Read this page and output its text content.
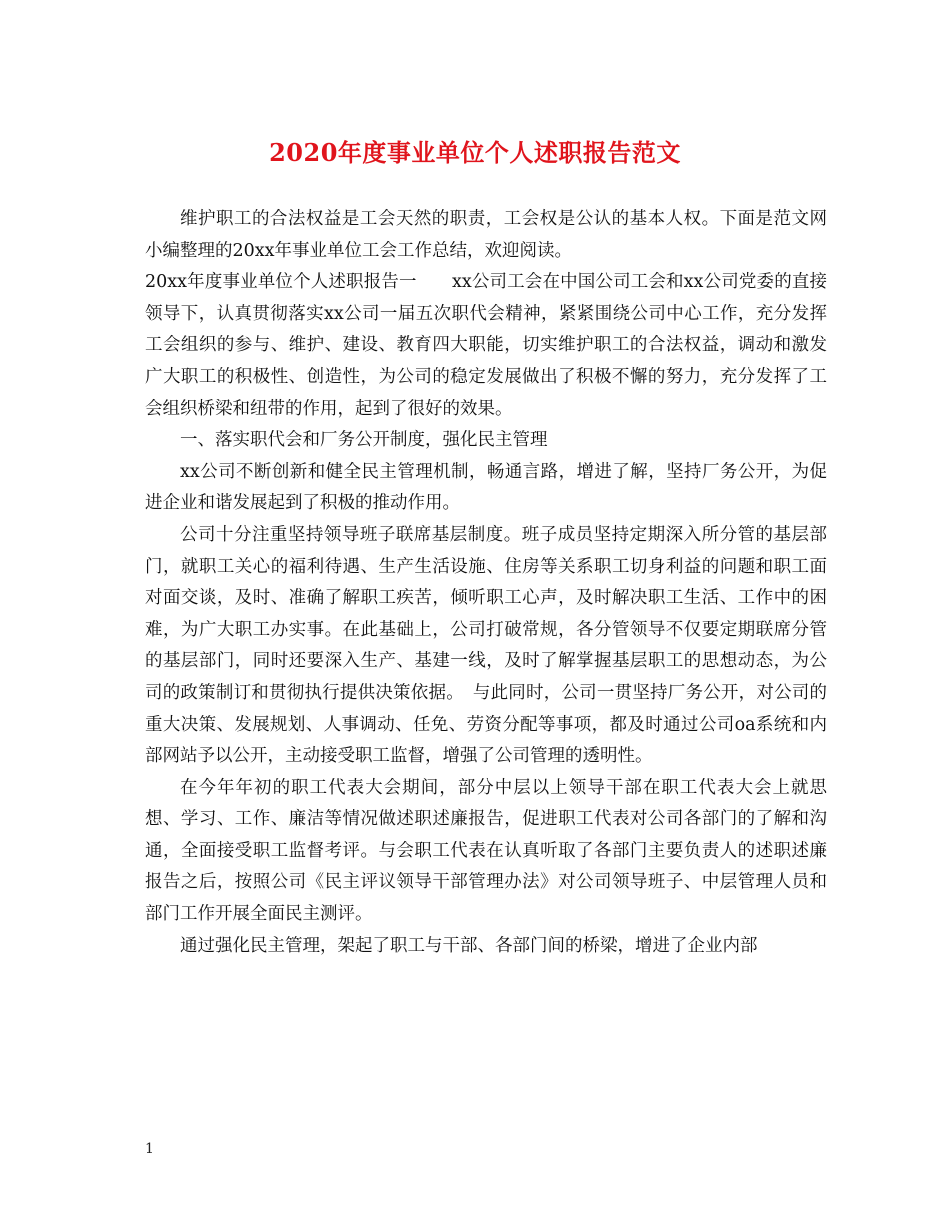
2020年度事业单位个人述职报告范文

维护职工的合法权益是工会天然的职责，工会权是公认的基本人权。下面是范文网小编整理的20xx年事业单位工会工作总结，欢迎阅读。

20xx年度事业单位个人述职报告一　　xx公司工会在中国公司工会和xx公司党委的直接领导下，认真贯彻落实xx公司一届五次职代会精神，紧紧围绕公司中心工作，充分发挥工会组织的参与、维护、建设、教育四大职能，切实维护职工的合法权益，调动和激发广大职工的积极性、创造性，为公司的稳定发展做出了积极不懈的努力，充分发挥了工会组织桥梁和纽带的作用，起到了很好的效果。

一、落实职代会和厂务公开制度，强化民主管理

xx公司不断创新和健全民主管理机制，畅通言路，增进了解，坚持厂务公开，为促进企业和谐发展起到了积极的推动作用。

公司十分注重坚持领导班子联席基层制度。班子成员坚持定期深入所分管的基层部门，就职工关心的福利待遇、生产生活设施、住房等关系职工切身利益的问题和职工面对面交谈，及时、准确了解职工疾苦，倾听职工心声，及时解决职工生活、工作中的困难，为广大职工办实事。在此基础上，公司打破常规，各分管领导不仅要定期联席分管的基层部门，同时还要深入生产、基建一线，及时了解掌握基层职工的思想动态，为公司的政策制订和贯彻执行提供决策依据。　与此同时，公司一贯坚持厂务公开，对公司的重大决策、发展规划、人事调动、任免、劳资分配等事项，都及时通过公司oa系统和内部网站予以公开，主动接受职工监督，增强了公司管理的透明性。

在今年年初的职工代表大会期间，部分中层以上领导干部在职工代表大会上就思想、学习、工作、廉洁等情况做述职述廉报告，促进职工代表对公司各部门的了解和沟通，全面接受职工监督考评。与会职工代表在认真听取了各部门主要负责人的述职述廉报告之后，按照公司《民主评议领导干部管理办法》对公司领导班子、中层管理人员和部门工作开展全面民主测评。

通过强化民主管理，架起了职工与干部、各部门间的桥梁，增进了企业内部

1
